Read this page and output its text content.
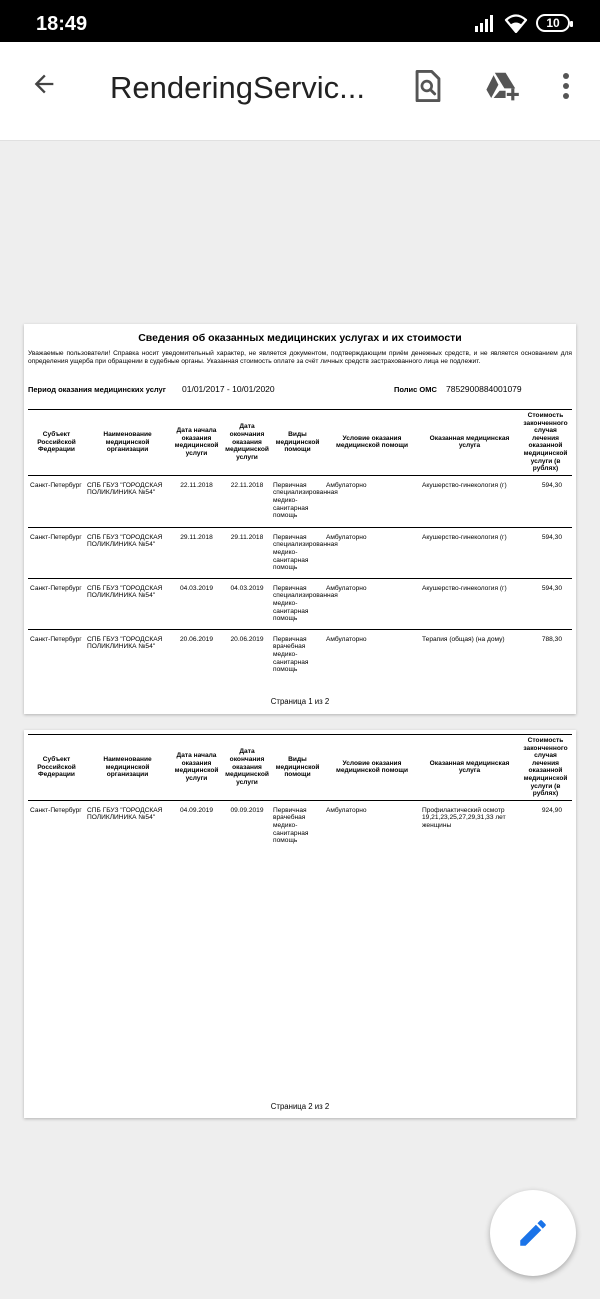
18:49	10
RenderingServic...
Сведения об оказанных медицинских услугах и их стоимости
Уважаемые пользователи! Справка носит уведомительный характер, не является документом, подтверждающим приём денежных средств, и не является основанием для определения ущерба при обращении в судебные органы. Указанная стоимость оплате за счёт личных средств застрахованного лица не подлежит.
Период оказания медицинских услуг 01/01/2017 - 10/01/2020	Полис ОМС 7852900884001079
Субъект Российской Федерации	Наименование медицинской организации	Дата начала оказания медицинской услуги	Дата окончания оказания медицинской услуги	Виды медицинской помощи	Условие оказания медицинской помощи	Оказанная медицинская услуга	Стоимость законченного случая лечения оказанной медицинской услуги (в рублях)
Санкт-Петербург	СПБ ГБУЗ "ГОРОДСКАЯ ПОЛИКЛИНИКА №54"	22.11.2018	22.11.2018	Первичная специализированная медико-санитарная помощь	Амбулаторно	Акушерство-гинекология (г)	594,30
Санкт-Петербург	СПБ ГБУЗ "ГОРОДСКАЯ ПОЛИКЛИНИКА №54"	29.11.2018	29.11.2018	Первичная специализированная медико-санитарная помощь	Амбулаторно	Акушерство-гинекология (г)	594,30
Санкт-Петербург	СПБ ГБУЗ "ГОРОДСКАЯ ПОЛИКЛИНИКА №54"	04.03.2019	04.03.2019	Первичная специализированная медико-санитарная помощь	Амбулаторно	Акушерство-гинекология (г)	594,30
Санкт-Петербург	СПБ ГБУЗ "ГОРОДСКАЯ ПОЛИКЛИНИКА №54"	20.06.2019	20.06.2019	Первичная врачебная медико-санитарная помощь	Амбулаторно	Терапия (общая) (на дому)	788,30
Страница 1 из 2
Субъект Российской Федерации	Наименование медицинской организации	Дата начала оказания медицинской услуги	Дата окончания оказания медицинской услуги	Виды медицинской помощи	Условие оказания медицинской помощи	Оказанная медицинская услуга	Стоимость законченного случая лечения оказанной медицинской услуги (в рублях)
Санкт-Петербург	СПБ ГБУЗ "ГОРОДСКАЯ ПОЛИКЛИНИКА №54"	04.09.2019	09.09.2019	Первичная врачебная медико-санитарная помощь	Амбулаторно	Профилактический осмотр 19,21,23,25,27,29,31,33 лет женщины	924,90
Страница 2 из 2
